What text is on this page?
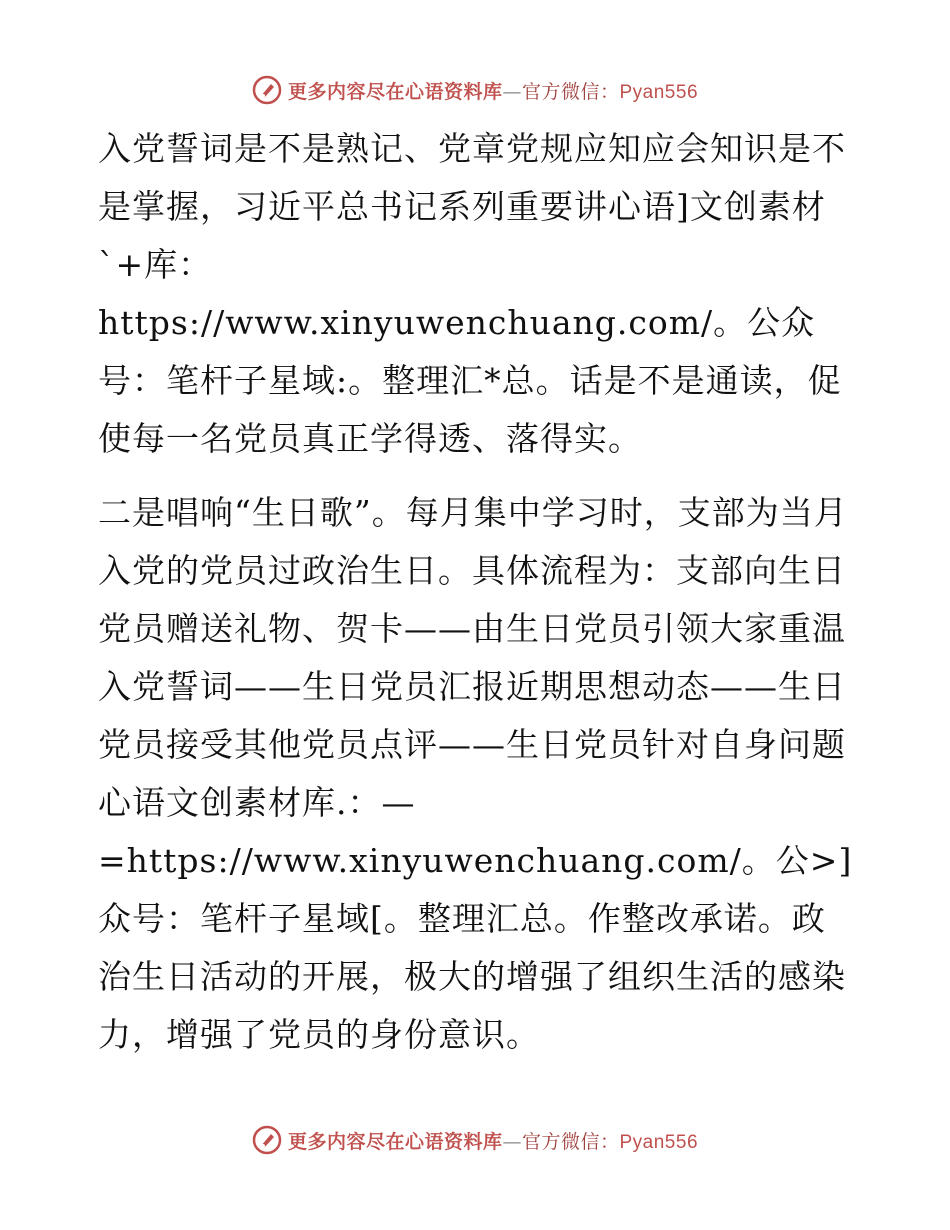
更多内容尽在心语资料库—官方微信：Pyan556

入党誓词是不是熟记、党章党规应知应会知识是不是掌握，习近平总书记系列重要讲心语]文创素材`+库：https://www.xinyuwenchuang.com/。公众号：笔杆子星域:。整理汇*总。话是不是通读，促使每一名党员真正学得透、落得实。

二是唱响“生日歌”。每月集中学习时，支部为当月入党的党员过政治生日。具体流程为：支部向生日党员赠送礼物、贺卡——由生日党员引领大家重温入党誓词——生日党员汇报近期思想动态——生日党员接受其他党员点评——生日党员针对自身问题心语文创素材库.：—=https://www.xinyuwenchuang.com/。公>]众号：笔杆子星域[。整理汇总。作整改承诺。政治生日活动的开展，极大的增强了组织生活的感染力，增强了党员的身份意识。

更多内容尽在心语资料库—官方微信：Pyan556
